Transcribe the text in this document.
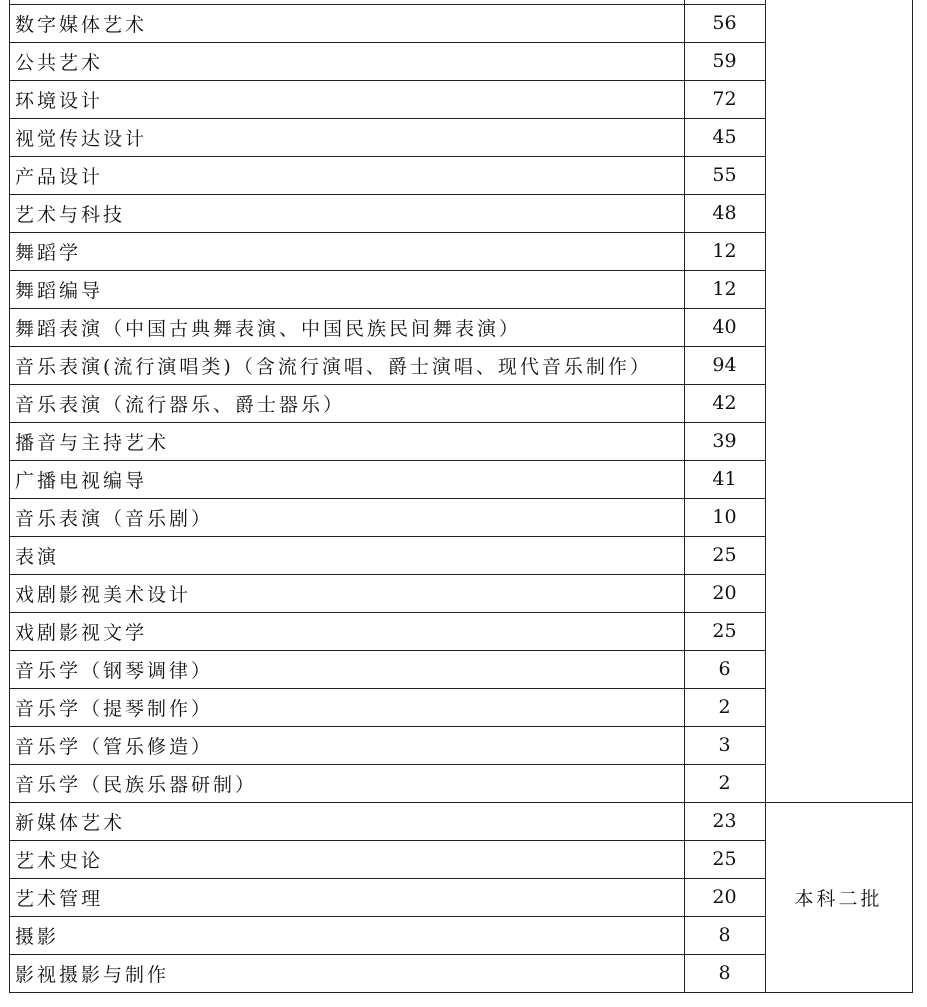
数字媒体艺术	56
公共艺术	59
环境设计	72
视觉传达设计	45
产品设计	55
艺术与科技	48
舞蹈学	12
舞蹈编导	12
舞蹈表演（中国古典舞表演、中国民族民间舞表演）	40
音乐表演(流行演唱类)（含流行演唱、爵士演唱、现代音乐制作）	94
音乐表演（流行器乐、爵士器乐）	42
播音与主持艺术	39
广播电视编导	41
音乐表演（音乐剧）	10
表演	25
戏剧影视美术设计	20
戏剧影视文学	25
音乐学（钢琴调律）	6
音乐学（提琴制作）	2
音乐学（管乐修造）	3
音乐学（民族乐器研制）	2
新媒体艺术	23
艺术史论	25
艺术管理	20
摄影	8
影视摄影与制作	8
本科二批
